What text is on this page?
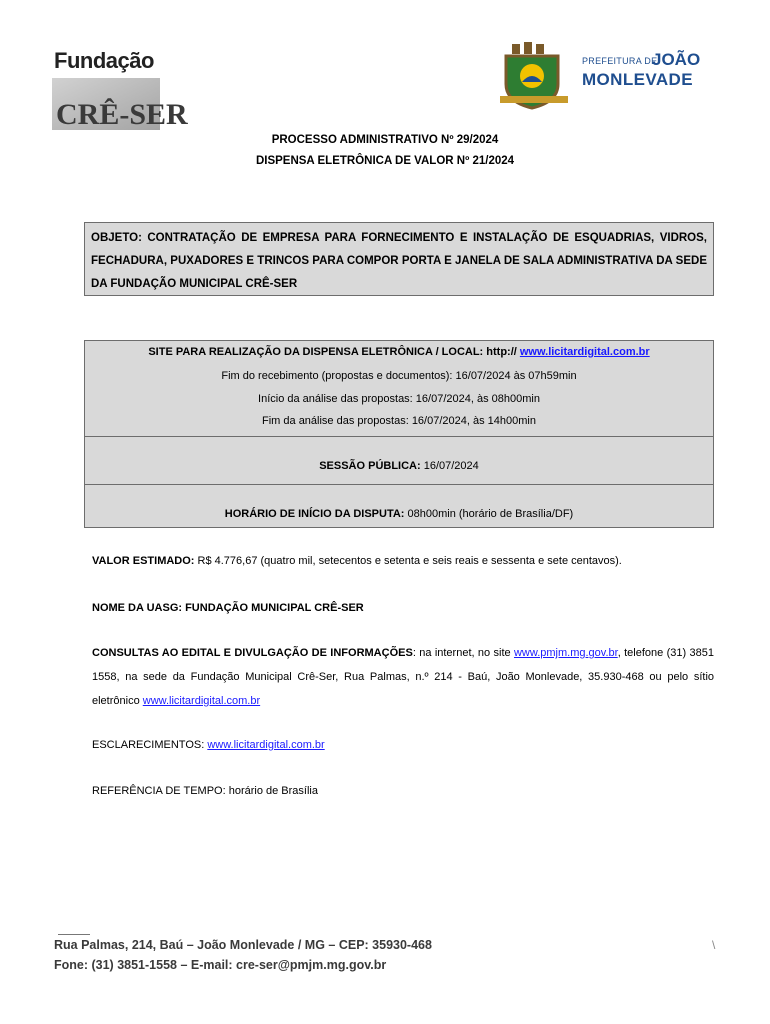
Fundação
CRÊ-SER
PREFEITURA DE
JOÃO
MONLEVADE
PROCESSO ADMINISTRATIVO Nº 29/2024
DISPENSA ELETRÔNICA DE VALOR Nº 21/2024

OBJETO: CONTRATAÇÃO DE EMPRESA PARA FORNECIMENTO E INSTALAÇÃO DE ESQUADRIAS, VIDROS, FECHADURA, PUXADORES E TRINCOS PARA COMPOR PORTA E JANELA DE SALA ADMINISTRATIVA DA SEDE DA FUNDAÇÃO MUNICIPAL CRÊ-SER

SITE PARA REALIZAÇÃO DA DISPENSA ELETRÔNICA / LOCAL: http:// www.licitardigital.com.br
Fim do recebimento (propostas e documentos): 16/07/2024 às 07h59min
Início da análise das propostas: 16/07/2024, às 08h00min
Fim da análise das propostas: 16/07/2024, às 14h00min
SESSÃO PÚBLICA: 16/07/2024
HORÁRIO DE INÍCIO DA DISPUTA: 08h00min (horário de Brasília/DF)
VALOR ESTIMADO: R$ 4.776,67 (quatro mil, setecentos e setenta e seis reais e sessenta e sete centavos).
NOME DA UASG: FUNDAÇÃO MUNICIPAL CRÊ-SER
CONSULTAS AO EDITAL E DIVULGAÇÃO DE INFORMAÇÕES: na internet, no site www.pmjm.mg.gov.br, telefone (31) 3851 1558, na sede da Fundação Municipal Crê-Ser, Rua Palmas, n.º 214 - Baú, João Monlevade, 35.930-468 ou pelo sítio eletrônico www.licitardigital.com.br
ESCLARECIMENTOS: www.licitardigital.com.br
REFERÊNCIA DE TEMPO: horário de Brasília
\
Rua Palmas, 214, Baú – João Monlevade / MG – CEP: 35930-468
Fone: (31) 3851-1558 – E-mail: cre-ser@pmjm.mg.gov.br
